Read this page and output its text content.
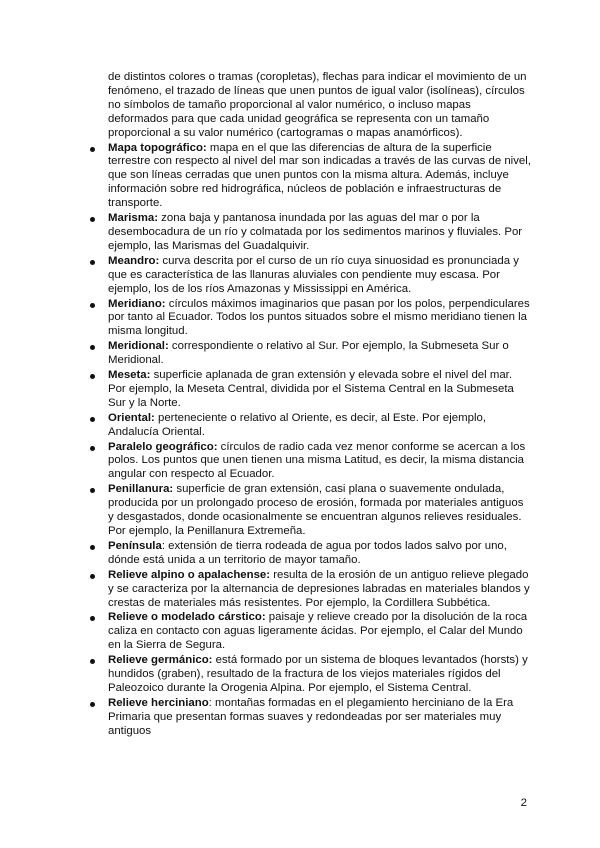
de distintos colores o tramas (coropletas), flechas para indicar el movimiento de un fenómeno, el trazado de líneas que unen puntos de igual valor (isolíneas), círculos no símbolos de tamaño proporcional al valor numérico, o incluso mapas deformados para que cada unidad geográfica se representa con un tamaño proporcional a su valor numérico (cartogramas o mapas anamórficos).
Mapa topográfico: mapa en el que las diferencias de altura de la superficie terrestre con respecto al nivel del mar son indicadas a través de las curvas de nivel, que son líneas cerradas que unen puntos con la misma altura. Además, incluye información sobre red hidrográfica, núcleos de población e infraestructuras de transporte.
Marisma: zona baja y pantanosa inundada por las aguas del mar o por la desembocadura de un río y colmatada por los sedimentos marinos y fluviales. Por ejemplo, las Marismas del Guadalquivir.
Meandro: curva descrita por el curso de un río cuya sinuosidad es pronunciada y que es característica de las llanuras aluviales con pendiente muy escasa. Por ejemplo, los de los ríos Amazonas y Mississippi en América.
Meridiano: círculos máximos imaginarios que pasan por los polos, perpendiculares por tanto al Ecuador. Todos los puntos situados sobre el mismo meridiano tienen la misma longitud.
Meridional: correspondiente o relativo al Sur. Por ejemplo, la Submeseta Sur o Meridional.
Meseta: superficie aplanada de gran extensión y elevada sobre el nivel del mar. Por ejemplo, la Meseta Central, dividida por el Sistema Central en la Submeseta Sur y la Norte.
Oriental: perteneciente o relativo al Oriente, es decir, al Este. Por ejemplo, Andalucía Oriental.
Paralelo geográfico: círculos de radio cada vez menor conforme se acercan a los polos. Los puntos que unen tienen una misma Latitud, es decir, la misma distancia angular con respecto al Ecuador.
Penillanura: superficie de gran extensión, casi plana o suavemente ondulada, producida por un prolongado proceso de erosión, formada por materiales antiguos y desgastados, donde ocasionalmente se encuentran algunos relieves residuales. Por ejemplo, la Penillanura Extremeña.
Península: extensión de tierra rodeada de agua por todos lados salvo por uno, dónde está unida a un territorio de mayor tamaño.
Relieve alpino o apalachense: resulta de la erosión de un antiguo relieve plegado y se caracteriza por la alternancia de depresiones labradas en materiales blandos y crestas de materiales más resistentes. Por ejemplo, la Cordillera Subbética.
Relieve o modelado cárstico: paisaje y relieve creado por la disolución de la roca caliza en contacto con aguas ligeramente ácidas. Por ejemplo, el Calar del Mundo en la Sierra de Segura.
Relieve germánico: está formado por un sistema de bloques levantados (horsts) y hundidos (graben), resultado de la fractura de los viejos materiales rígidos del Paleozoico durante la Orogenia Alpina. Por ejemplo, el Sistema Central.
Relieve herciniano: montañas formadas en el plegamiento herciniano de la Era Primaria que presentan formas suaves y redondeadas por ser materiales muy antiguos
2
